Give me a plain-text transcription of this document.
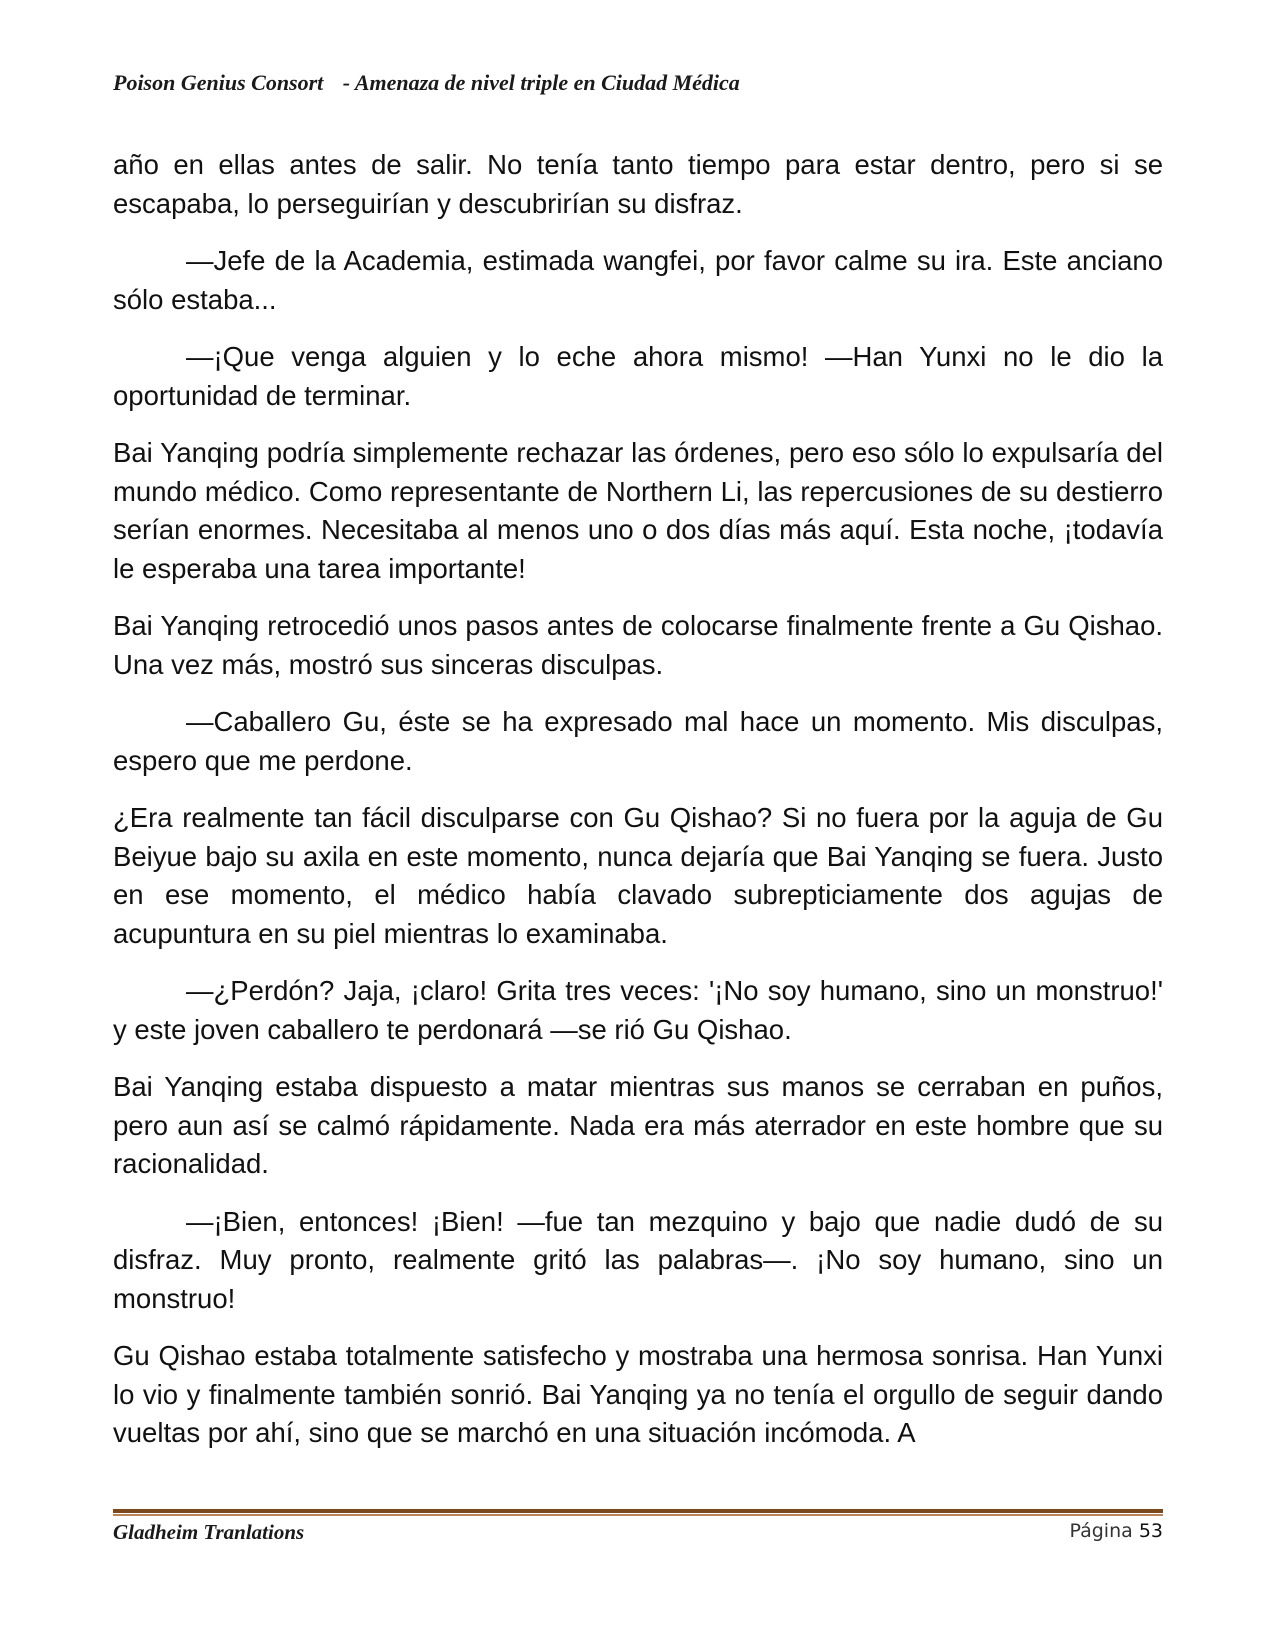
Poison Genius Consort - Amenaza de nivel triple en Ciudad Médica

año en ellas antes de salir. No tenía tanto tiempo para estar dentro, pero si se escapaba, lo perseguirían y descubrirían su disfraz.

—Jefe de la Academia, estimada wangfei, por favor calme su ira. Este anciano sólo estaba...

—¡Que venga alguien y lo eche ahora mismo! —Han Yunxi no le dio la oportunidad de terminar.

Bai Yanqing podría simplemente rechazar las órdenes, pero eso sólo lo expulsaría del mundo médico. Como representante de Northern Li, las repercusiones de su destierro serían enormes. Necesitaba al menos uno o dos días más aquí. Esta noche, ¡todavía le esperaba una tarea importante!

Bai Yanqing retrocedió unos pasos antes de colocarse finalmente frente a Gu Qishao. Una vez más, mostró sus sinceras disculpas.

—Caballero Gu, éste se ha expresado mal hace un momento. Mis disculpas, espero que me perdone.

¿Era realmente tan fácil disculparse con Gu Qishao? Si no fuera por la aguja de Gu Beiyue bajo su axila en este momento, nunca dejaría que Bai Yanqing se fuera. Justo en ese momento, el médico había clavado subrepticiamente dos agujas de acupuntura en su piel mientras lo examinaba.

—¿Perdón? Jaja, ¡claro! Grita tres veces: '¡No soy humano, sino un monstruo!' y este joven caballero te perdonará —se rió Gu Qishao.

Bai Yanqing estaba dispuesto a matar mientras sus manos se cerraban en puños, pero aun así se calmó rápidamente. Nada era más aterrador en este hombre que su racionalidad.

—¡Bien, entonces! ¡Bien! —fue tan mezquino y bajo que nadie dudó de su disfraz. Muy pronto, realmente gritó las palabras—. ¡No soy humano, sino un monstruo!

Gu Qishao estaba totalmente satisfecho y mostraba una hermosa sonrisa. Han Yunxi lo vio y finalmente también sonrió. Bai Yanqing ya no tenía el orgullo de seguir dando vueltas por ahí, sino que se marchó en una situación incómoda. A

Gladheim Tranlations	Página 53
